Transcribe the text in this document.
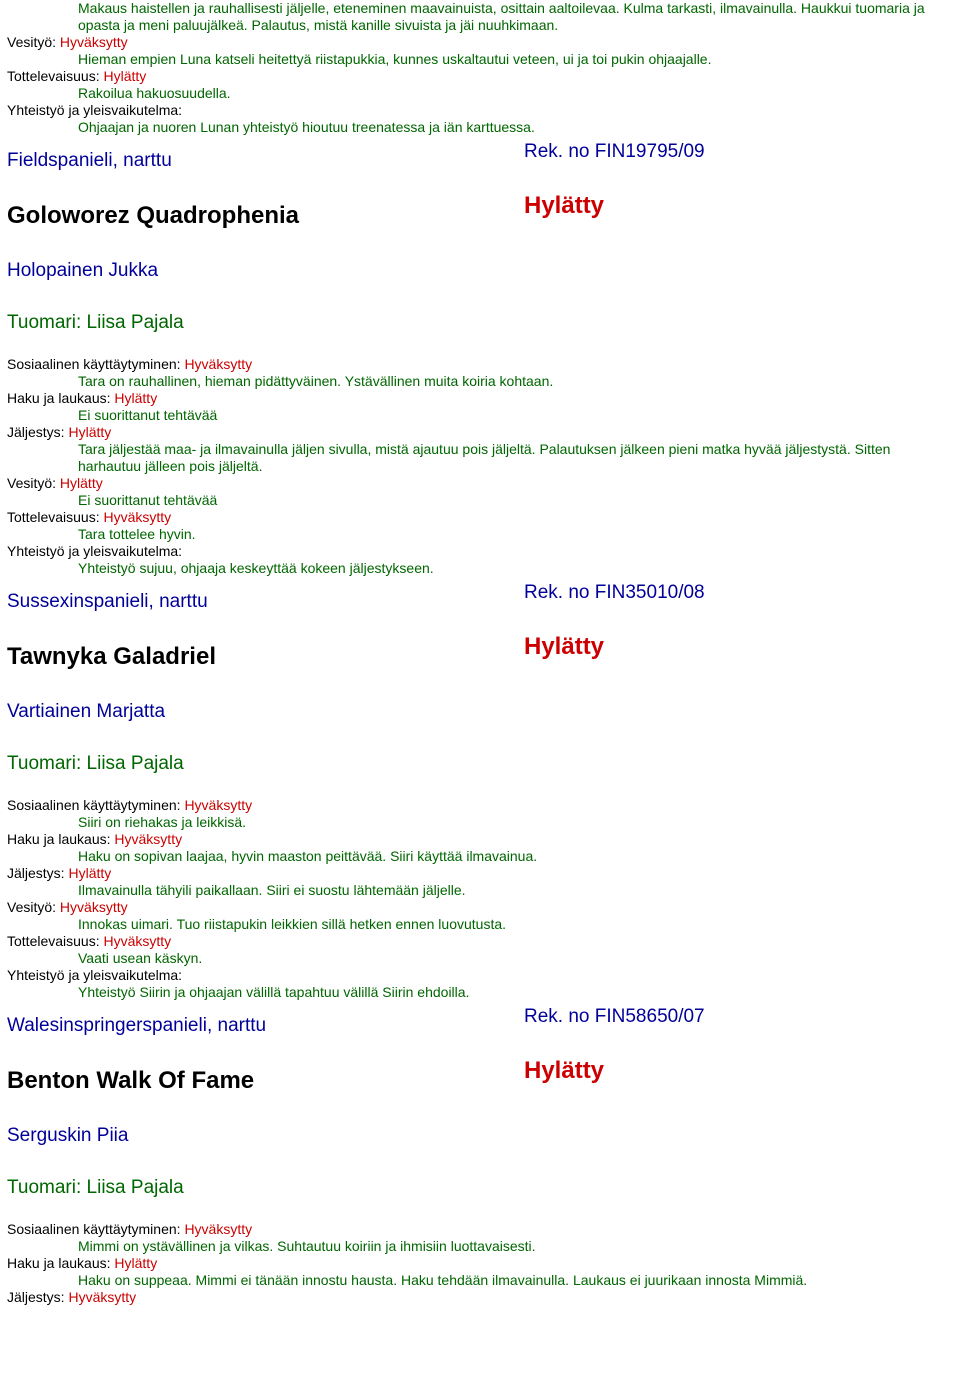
Makaus haistellen ja rauhallisesti jäljelle, eteneminen maavainuista, osittain aaltoilevaa. Kulma tarkasti, ilmavainulla. Haukkui tuomaria ja
opasta ja meni paluujälkeä. Palautus, mistä kanille sivuista ja jäi nuuhkimaan.
Vesityö: Hyväksytty
Hieman empien Luna katseli heitettyä riistapukkia, kunnes uskaltautui veteen, ui ja toi pukin ohjaajalle.
Tottelevaisuus: Hylätty
Rakoilua hakuosuudella.
Yhteistyö ja yleisvaikutelma:
Ohjaajan ja nuoren Lunan yhteistyö hioutuu treenatessa ja iän karttuessa.
Fieldspanieli, narttu
Goloworez Quadrophenia
Rek. no FIN19795/09
Hylätty
Holopainen Jukka
Tuomari: Liisa Pajala
Sosiaalinen käyttäytyminen: Hyväksytty
Tara on rauhallinen, hieman pidättyväinen. Ystävällinen muita koiria kohtaan.
Haku ja laukaus: Hylätty
Ei suorittanut tehtävää
Jäljestys: Hylätty
Tara jäljestää maa- ja ilmavainulla jäljen sivulla, mistä ajautuu pois jäljeltä. Palautuksen jälkeen pieni matka hyvää jäljestystä. Sitten harhautuu jälleen pois jäljeltä.
Vesityö: Hylätty
Ei suorittanut tehtävää
Tottelevaisuus: Hyväksytty
Tara tottelee hyvin.
Yhteistyö ja yleisvaikutelma:
Yhteistyö sujuu, ohjaaja keskeyttää kokeen jäljestykseen.
Sussexinspanieli, narttu
Tawnyka Galadriel
Rek. no FIN35010/08
Hylätty
Vartiainen Marjatta
Tuomari: Liisa Pajala
Sosiaalinen käyttäytyminen: Hyväksytty
Siiri on riehakas ja leikkisä.
Haku ja laukaus: Hyväksytty
Haku on sopivan laajaa, hyvin maaston peittävää. Siiri käyttää ilmavainua.
Jäljestys: Hylätty
Ilmavainulla tähyili paikallaan. Siiri ei suostu lähtemään jäljelle.
Vesityö: Hyväksytty
Innokas uimari. Tuo riistapukin leikkien sillä hetken ennen luovutusta.
Tottelevaisuus: Hyväksytty
Vaati usean käskyn.
Yhteistyö ja yleisvaikutelma:
Yhteistyö Siirin ja ohjaajan välillä tapahtuu välillä Siirin ehdoilla.
Walesinspringerspanieli, narttu
Benton Walk Of Fame
Rek. no FIN58650/07
Hylätty
Serguskin Piia
Tuomari: Liisa Pajala
Sosiaalinen käyttäytyminen: Hyväksytty
Mimmi on ystävällinen ja vilkas. Suhtautuu koiriin ja ihmisiin luottavaisesti.
Haku ja laukaus: Hylätty
Haku on suppeaa. Mimmi ei tänään innostu hausta. Haku tehdään ilmavainulla. Laukaus ei juurikaan innosta Mimmiä.
Jäljestys: Hyväksytty
